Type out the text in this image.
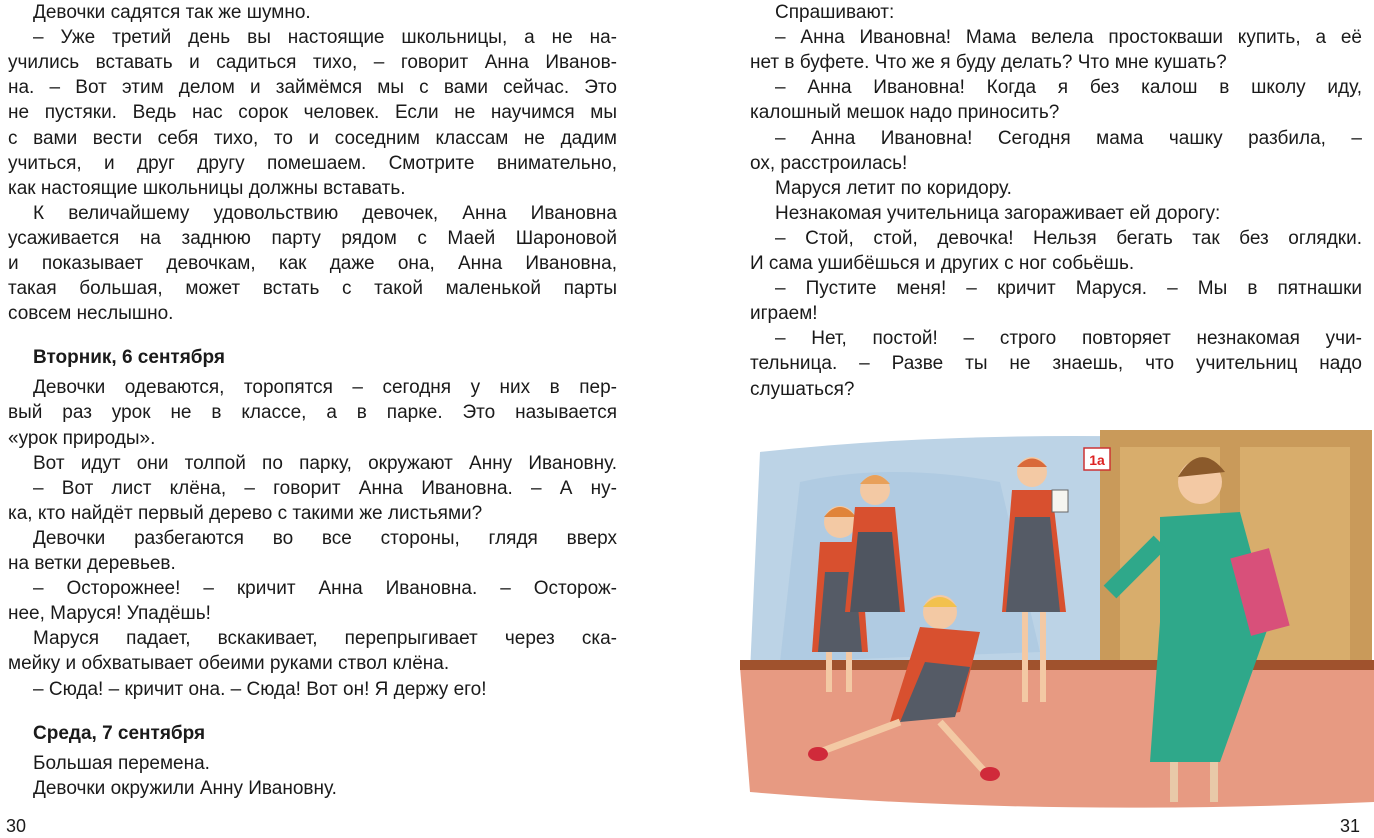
Девочки садятся так же шумно.
– Уже третий день вы настоящие школьницы, а не на-
учились вставать и садиться тихо, – говорит Анна Иванов-
на. – Вот этим делом и займёмся мы с вами сейчас. Это
не пустяки. Ведь нас сорок человек. Если не научимся мы
с вами вести себя тихо, то и соседним классам не дадим
учиться, и друг другу помешаем. Смотрите внимательно,
как настоящие школьницы должны вставать.
К величайшему удовольствию девочек, Анна Ивановна
усаживается на заднюю парту рядом с Маей Шароновой
и показывает девочкам, как даже она, Анна Ивановна,
такая большая, может встать с такой маленькой парты
совсем неслышно.
Вторник, 6 сентября
Девочки одеваются, торопятся – сегодня у них в пер-
вый раз урок не в классе, а в парке. Это называется
«урок природы».
Вот идут они толпой по парку, окружают Анну Ивановну.
– Вот лист клёна, – говорит Анна Ивановна. – А ну-
ка, кто найдёт первый дерево с такими же листьями?
Девочки разбегаются во все стороны, глядя вверх
на ветки деревьев.
– Осторожнее! – кричит Анна Ивановна. – Осторож-
нее, Маруся! Упадёшь!
Маруся падает, вскакивает, перепрыгивает через ска-
мейку и обхватывает обеими руками ствол клёна.
– Сюда! – кричит она. – Сюда! Вот он! Я держу его!
Среда, 7 сентября
Большая перемена.
Девочки окружили Анну Ивановну.
Спрашивают:
– Анна Ивановна! Мама велела простокваши купить, а её
нет в буфете. Что же я буду делать? Что мне кушать?
– Анна Ивановна! Когда я без калош в школу иду,
калошный мешок надо приносить?
– Анна Ивановна! Сегодня мама чашку разбила, –
ох, расстроилась!
Маруся летит по коридору.
Незнакомая учительница загораживает ей дорогу:
– Стой, стой, девочка! Нельзя бегать так без оглядки.
И сама ушибёшься и других с ног собьёшь.
– Пустите меня! – кричит Маруся. – Мы в пятнашки
играем!
– Нет, постой! – строго повторяет незнакомая учи-
тельница. – Разве ты не знаешь, что учительниц надо
слушаться?
30	31
1а
